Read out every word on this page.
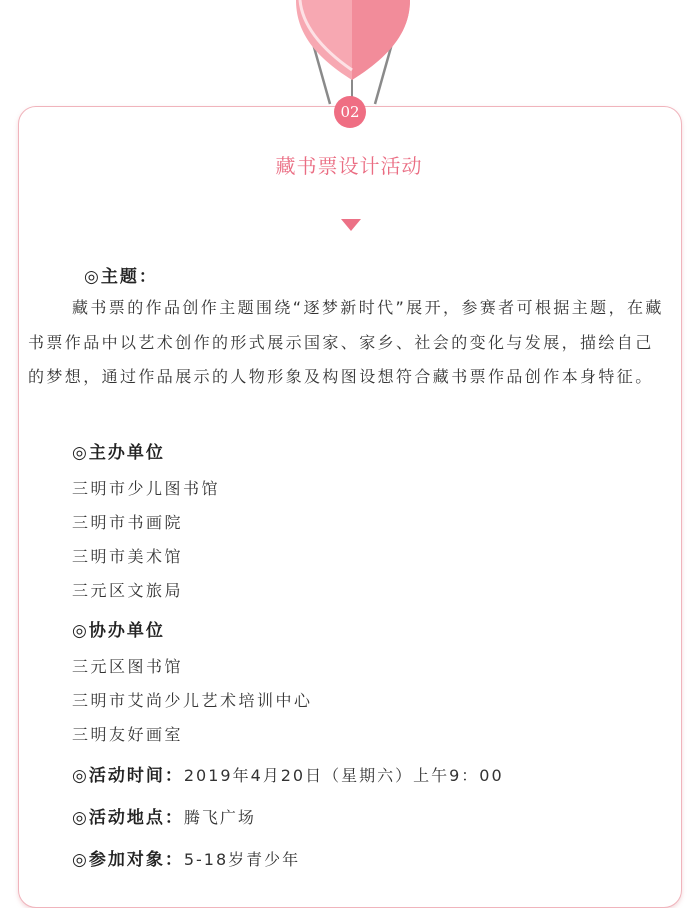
02
藏书票设计活动
◎主题：
藏书票的作品创作主题围绕“逐梦新时代”展开，参赛者可根据主题，在藏书票作品中以艺术创作的形式展示国家、家乡、社会的变化与发展，描绘自己的梦想，通过作品展示的人物形象及构图设想符合藏书票作品创作本身特征。
◎主办单位
三明市少儿图书馆
三明市书画院
三明市美术馆
三元区文旅局
◎协办单位
三元区图书馆
三明市艾尚少儿艺术培训中心
三明友好画室
◎活动时间：2019年4月20日（星期六）上午9：00
◎活动地点：腾飞广场
◎参加对象：5-18岁青少年
